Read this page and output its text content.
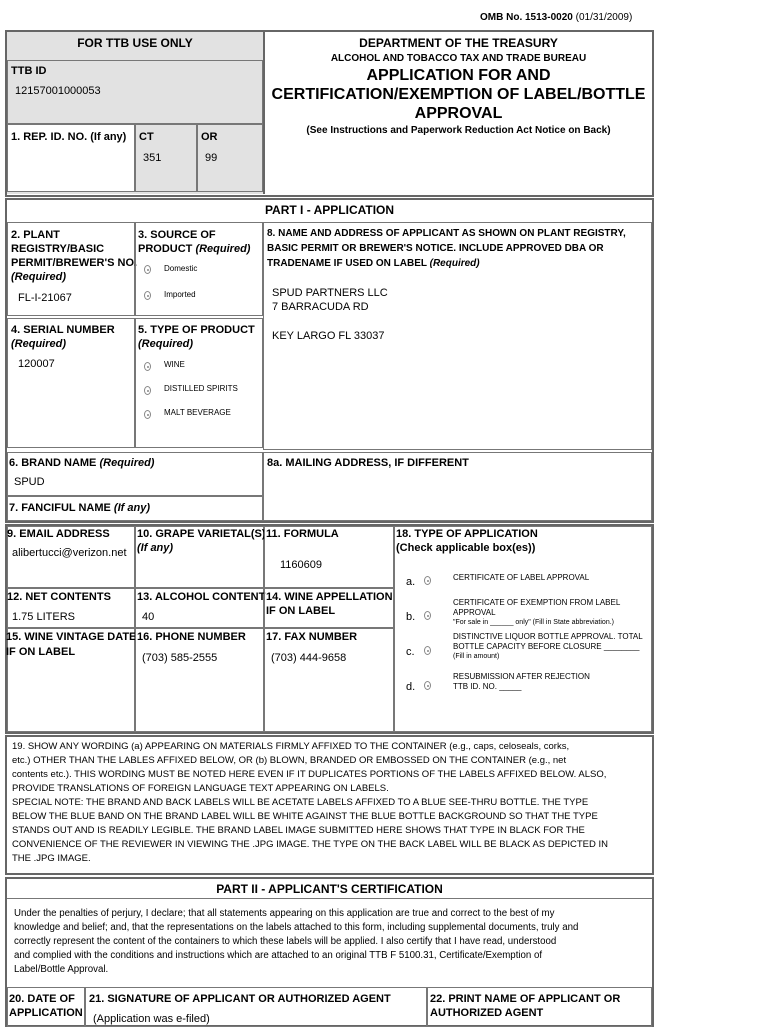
OMB No. 1513-0020 (01/31/2009)
FOR TTB USE ONLY
TTB ID
12157001000053
1. REP. ID. NO. (If any) CT
351
OR
99
DEPARTMENT OF THE TREASURY
ALCOHOL AND TOBACCO TAX AND TRADE BUREAU
APPLICATION FOR AND
CERTIFICATION/EXEMPTION OF LABEL/BOTTLE
APPROVAL
(See Instructions and Paperwork Reduction Act Notice on Back)
PART I - APPLICATION
2. PLANT
REGISTRY/BASIC
PERMIT/BREWER'S NO.
(Required)
FL-I-21067
3. SOURCE OF
PRODUCT (Required)
Domestic
Imported
8. NAME AND ADDRESS OF APPLICANT AS SHOWN ON PLANT REGISTRY, BASIC PERMIT OR BREWER'S NOTICE. INCLUDE APPROVED DBA OR TRADENAME IF USED ON LABEL (Required)
SPUD PARTNERS LLC
7 BARRACUDA RD
KEY LARGO FL 33037
4. SERIAL NUMBER
(Required)
120007
5. TYPE OF PRODUCT
(Required)
WINE
DISTILLED SPIRITS
MALT BEVERAGE
6. BRAND NAME (Required)
SPUD
8a. MAILING ADDRESS, IF DIFFERENT
7. FANCIFUL NAME (If any)
9. EMAIL ADDRESS
alibertucci@verizon.net
10. GRAPE VARIETAL(S)
(If any)
11. FORMULA
1160609
18. TYPE OF APPLICATION
(Check applicable box(es))
a.	CERTIFICATE OF LABEL APPROVAL
b.
CERTIFICATE OF EXEMPTION FROM LABEL
APPROVAL
"For sale in ______ only" (Fill in State abbreviation.)
c.
DISTINCTIVE LIQUOR BOTTLE APPROVAL. TOTAL
BOTTLE CAPACITY BEFORE CLOSURE ________
(Fill in amount)
d.
RESUBMISSION AFTER REJECTION
TTB ID. NO. _____
12. NET CONTENTS
1.75 LITERS
13. ALCOHOL CONTENT
40
14. WINE APPELLATION
IF ON LABEL
15. WINE VINTAGE DATE
IF ON LABEL
16. PHONE NUMBER
(703) 585-2555
17. FAX NUMBER
(703) 444-9658
19. SHOW ANY WORDING (a) APPEARING ON MATERIALS FIRMLY AFFIXED TO THE CONTAINER (e.g., caps, celoseals, corks,
etc.) OTHER THAN THE LABLES AFFIXED BELOW, OR (b) BLOWN, BRANDED OR EMBOSSED ON THE CONTAINER (e.g., net
contents etc.). THIS WORDING MUST BE NOTED HERE EVEN IF IT DUPLICATES PORTIONS OF THE LABELS AFFIXED BELOW. ALSO,
PROVIDE TRANSLATIONS OF FOREIGN LANGUAGE TEXT APPEARING ON LABELS.
SPECIAL NOTE: THE BRAND AND BACK LABELS WILL BE ACETATE LABELS AFFIXED TO A BLUE SEE-THRU BOTTLE. THE TYPE
BELOW THE BLUE BAND ON THE BRAND LABEL WILL BE WHITE AGAINST THE BLUE BOTTLE BACKGROUND SO THAT THE TYPE
STANDS OUT AND IS READILY LEGIBLE. THE BRAND LABEL IMAGE SUBMITTED HERE SHOWS THAT TYPE IN BLACK FOR THE
CONVENIENCE OF THE REVIEWER IN VIEWING THE .JPG IMAGE. THE TYPE ON THE BACK LABEL WILL BE BLACK AS DEPICTED IN
THE .JPG IMAGE.
PART II - APPLICANT'S CERTIFICATION
Under the penalties of perjury, I declare; that all statements appearing on this application are true and correct to the best of my
knowledge and belief; and, that the representations on the labels attached to this form, including supplemental documents, truly and
correctly represent the content of the containers to which these labels will be applied. I also certify that I have read, understood
and complied with the conditions and instructions which are attached to an original TTB F 5100.31, Certificate/Exemption of
Label/Bottle Approval.
20. DATE OF
APPLICATION
21. SIGNATURE OF APPLICANT OR AUTHORIZED AGENT
(Application was e-filed)
22. PRINT NAME OF APPLICANT OR
AUTHORIZED AGENT
